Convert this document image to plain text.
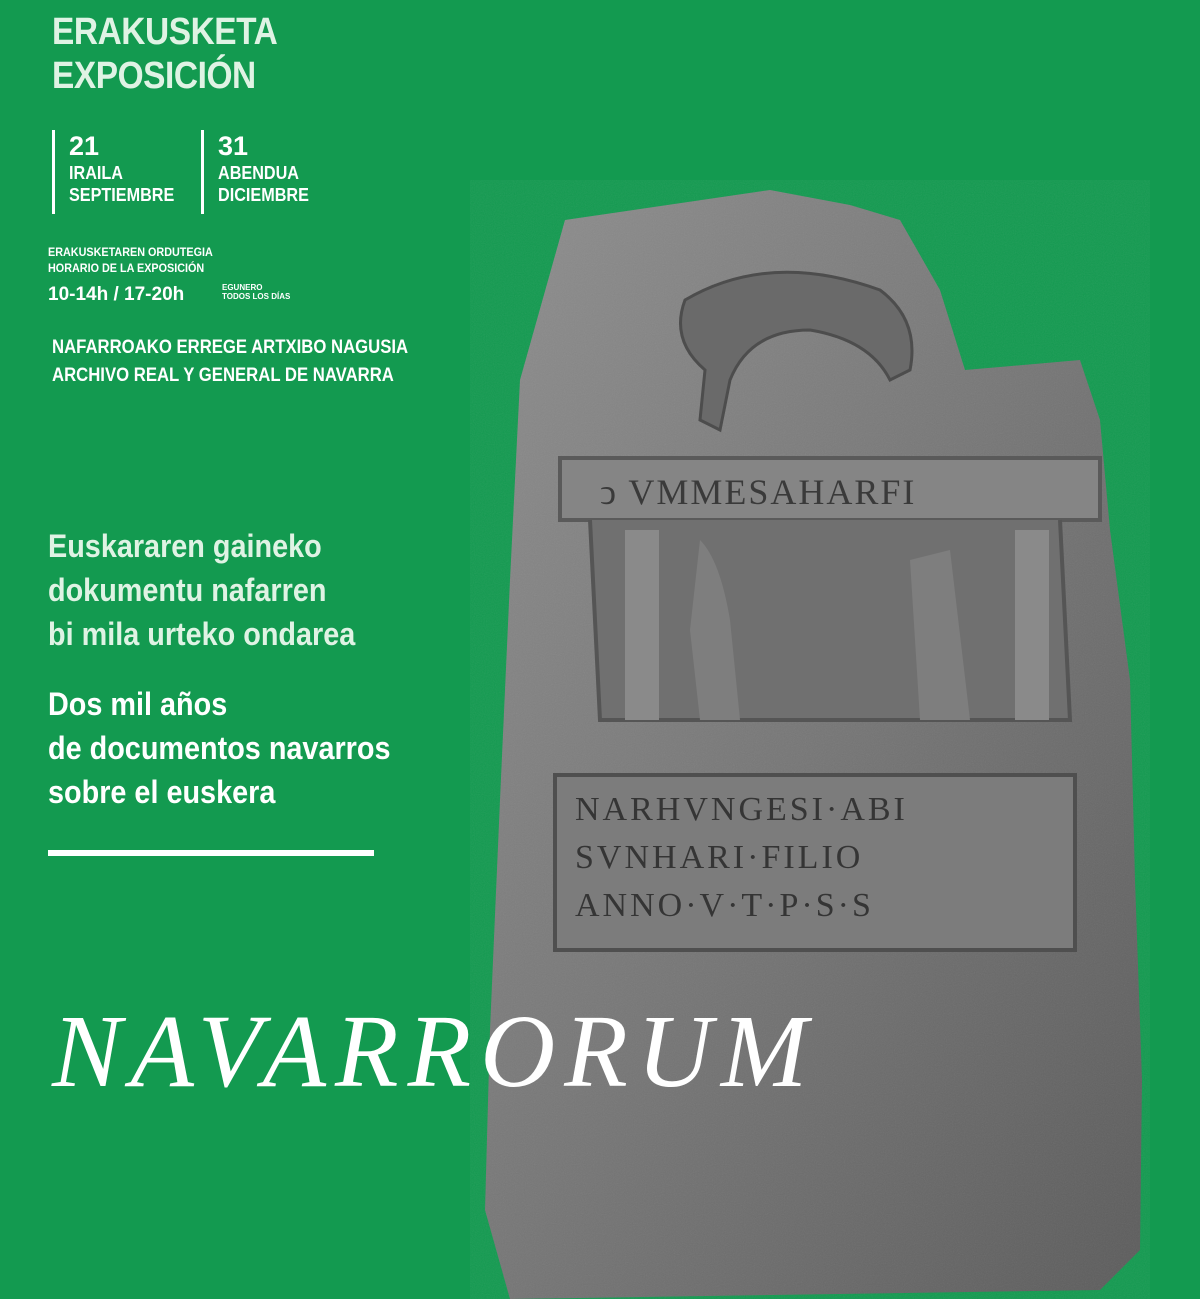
ERAKUSKETA
EXPOSICIÓN
21
IRAILA
SEPTIEMBRE
31
ABENDUA
DICIEMBRE
ERAKUSKETAREN ORDUTEGIA
HORARIO DE LA EXPOSICIÓN
10-14h / 17-20h	EGUNERO
TODOS LOS DÍAS
NAFARROAKO ERREGE ARTXIBO NAGUSIA
ARCHIVO REAL Y GENERAL DE NAVARRA
Euskararen gaineko
dokumentu nafarren
bi mila urteko ondarea
Dos mil años
de documentos navarros
sobre el euskera
ↄ VMMESAHARFI
NARHVNGESI·ABI
SVNHARI·FILIO
ANNO·V·T·P·S·S
NAVARRORUM
